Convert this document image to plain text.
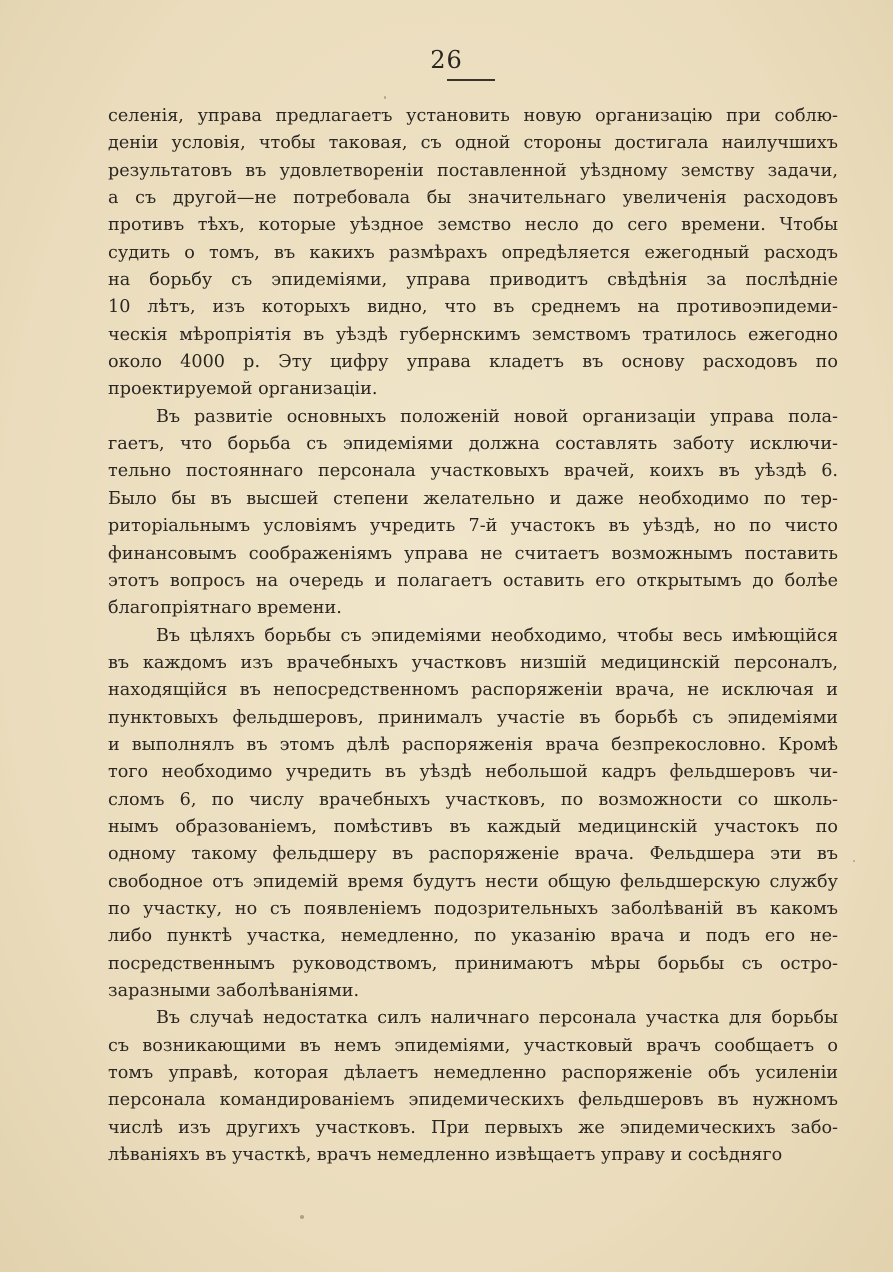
26
селенія, управа предлагаетъ установить новую организацію при соблю-
деніи условія, чтобы таковая, съ одной стороны достигала наилучшихъ
результатовъ въ удовлетвореніи поставленной уѣздному земству задачи,
а съ другой—не потребовала бы значительнаго увеличенія расходовъ
противъ тѣхъ, которые уѣздное земство несло до сего времени. Чтобы
судить о томъ, въ какихъ размѣрахъ опредѣляется ежегодный расходъ
на борьбу съ эпидеміями, управа приводитъ свѣдѣнія за послѣдніе
10 лѣтъ, изъ которыхъ видно, что въ среднемъ на противоэпидеми-
ческія мѣропріятія въ уѣздѣ губернскимъ земствомъ тратилось ежегодно
около 4000 р. Эту цифру управа кладетъ въ основу расходовъ по
проектируемой организаціи.
Въ развитіе основныхъ положеній новой организаціи управа пола-
гаетъ, что борьба съ эпидеміями должна составлять заботу исключи-
тельно постояннаго персонала участковыхъ врачей, коихъ въ уѣздѣ 6.
Было бы въ высшей степени желательно и даже необходимо по тер-
риторіальнымъ условіямъ учредить 7-й участокъ въ уѣздѣ, но по чисто
финансовымъ соображеніямъ управа не считаетъ возможнымъ поставить
этотъ вопросъ на очередь и полагаетъ оставить его открытымъ до болѣе
благопріятнаго времени.
Въ цѣляхъ борьбы съ эпидеміями необходимо, чтобы весь имѣющійся
въ каждомъ изъ врачебныхъ участковъ низшій медицинскій персоналъ,
находящійся въ непосредственномъ распоряженіи врача, не исключая и
пунктовыхъ фельдшеровъ, принималъ участіе въ борьбѣ съ эпидеміями
и выполнялъ въ этомъ дѣлѣ распоряженія врача безпрекословно. Кромѣ
того необходимо учредить въ уѣздѣ небольшой кадръ фельдшеровъ чи-
сломъ 6, по числу врачебныхъ участковъ, по возможности со школь-
нымъ образованіемъ, помѣстивъ въ каждый медицинскій участокъ по
одному такому фельдшеру въ распоряженіе врача. Фельдшера эти въ
свободное отъ эпидемій время будутъ нести общую фельдшерскую службу
по участку, но съ появленіемъ подозрительныхъ заболѣваній въ какомъ
либо пунктѣ участка, немедленно, по указанію врача и подъ его не-
посредственнымъ руководствомъ, принимаютъ мѣры борьбы съ остро-
заразными заболѣваніями.
Въ случаѣ недостатка силъ наличнаго персонала участка для борьбы
съ возникающими въ немъ эпидеміями, участковый врачъ сообщаетъ о
томъ управѣ, которая дѣлаетъ немедленно распоряженіе объ усиленіи
персонала командированіемъ эпидемическихъ фельдшеровъ въ нужномъ
числѣ изъ другихъ участковъ. При первыхъ же эпидемическихъ забо-
лѣваніяхъ въ участкѣ, врачъ немедленно извѣщаетъ управу и сосѣдняго
